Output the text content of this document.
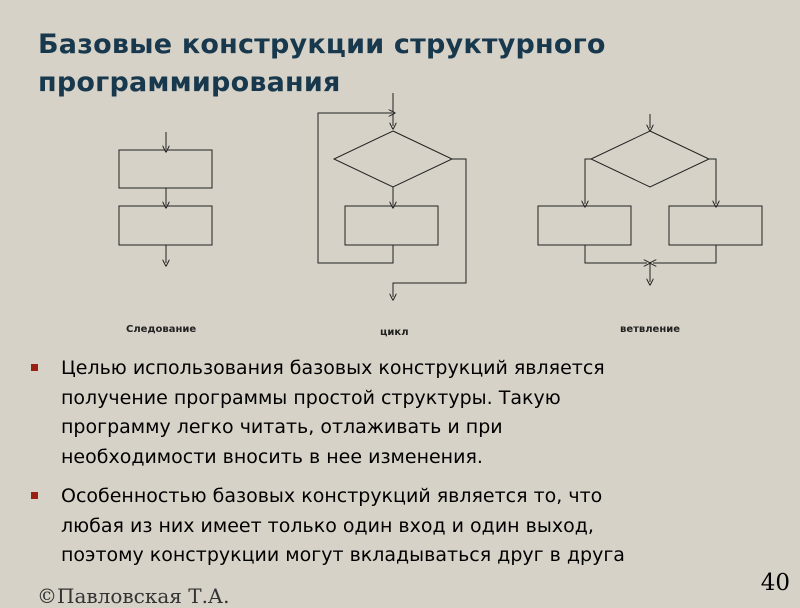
Базовые конструкции структурного
программирования
Следование	цикл	ветвление
Целью использования базовых конструкций является
получение программы простой структуры. Такую
программу легко читать, отлаживать и при
необходимости вносить в нее изменения.
Особенностью базовых конструкций является то, что
любая из них имеет только один вход и один выход,
поэтому конструкции могут вкладываться друг в друга
©Павловская Т.А.	40
